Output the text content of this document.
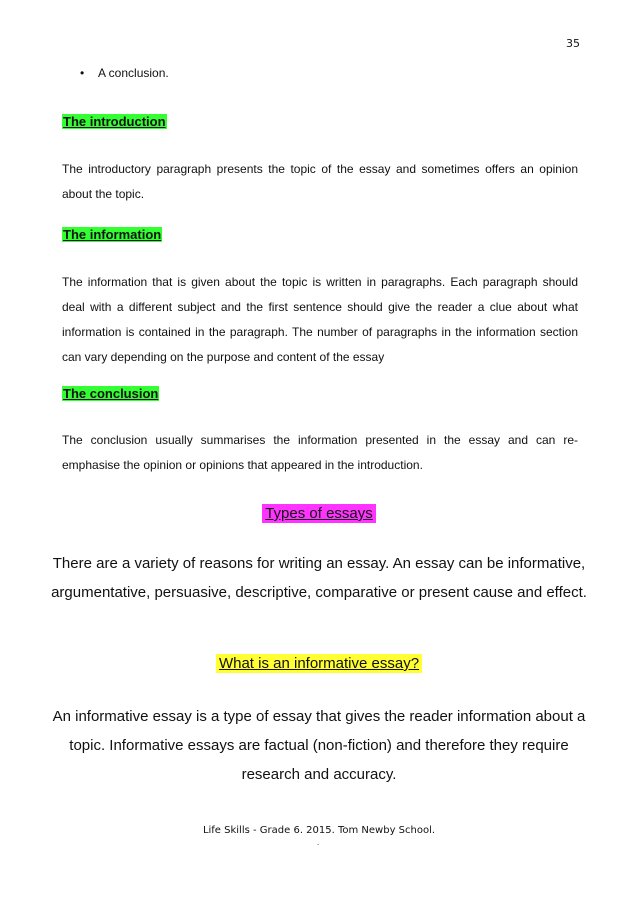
35
• A conclusion.
The introduction
The introductory paragraph presents the topic of the essay and sometimes offers an opinion about the topic.
The information
The information that is given about the topic is written in paragraphs. Each paragraph should deal with a different subject and the first sentence should give the reader a clue about what information is contained in the paragraph. The number of paragraphs in the information section can vary depending on the purpose and content of the essay
The conclusion
The conclusion usually summarises the information presented in the essay and can re-emphasise the opinion or opinions that appeared in the introduction.
Types of essays
There are a variety of reasons for writing an essay. An essay can be informative, argumentative, persuasive, descriptive, comparative or present cause and effect.
What is an informative essay?
An informative essay is a type of essay that gives the reader information about a topic. Informative essays are factual (non-fiction) and therefore they require research and accuracy.
Life Skills - Grade 6. 2015. Tom Newby School.
.
